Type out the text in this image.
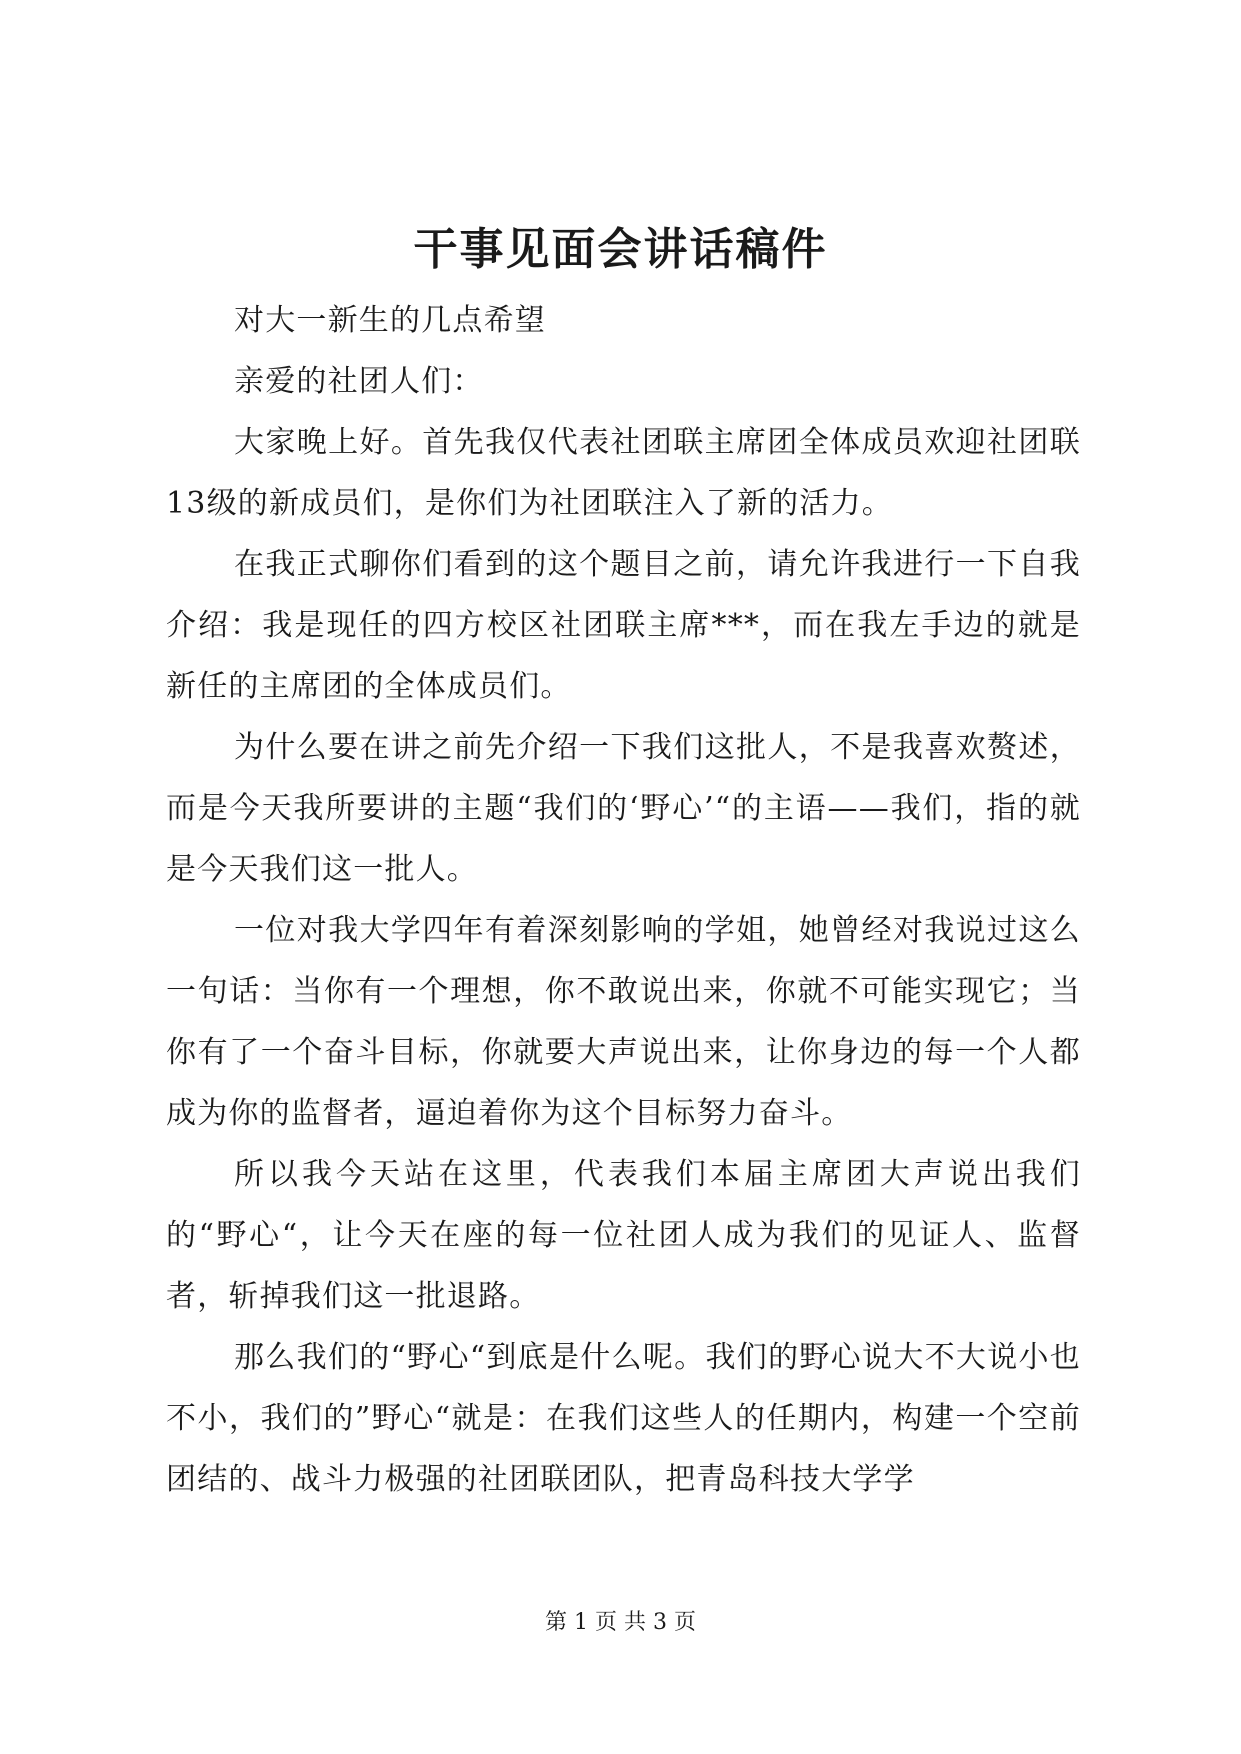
干事见面会讲话稿件

对大一新生的几点希望

亲爱的社团人们：

大家晚上好。首先我仅代表社团联主席团全体成员欢迎社团联13级的新成员们，是你们为社团联注入了新的活力。

在我正式聊你们看到的这个题目之前，请允许我进行一下自我介绍：我是现任的四方校区社团联主席***，而在我左手边的就是新任的主席团的全体成员们。

为什么要在讲之前先介绍一下我们这批人，不是我喜欢赘述，而是今天我所要讲的主题“我们的‘野心’“的主语——我们，指的就是今天我们这一批人。

一位对我大学四年有着深刻影响的学姐，她曾经对我说过这么一句话：当你有一个理想，你不敢说出来，你就不可能实现它；当你有了一个奋斗目标，你就要大声说出来，让你身边的每一个人都成为你的监督者，逼迫着你为这个目标努力奋斗。

所以我今天站在这里，代表我们本届主席团大声说出我们的“野心“，让今天在座的每一位社团人成为我们的见证人、监督者，斩掉我们这一批退路。

那么我们的“野心“到底是什么呢。我们的野心说大不大说小也不小，我们的”野心“就是：在我们这些人的任期内，构建一个空前团结的、战斗力极强的社团联团队，把青岛科技大学学

第 1 页 共 3 页
